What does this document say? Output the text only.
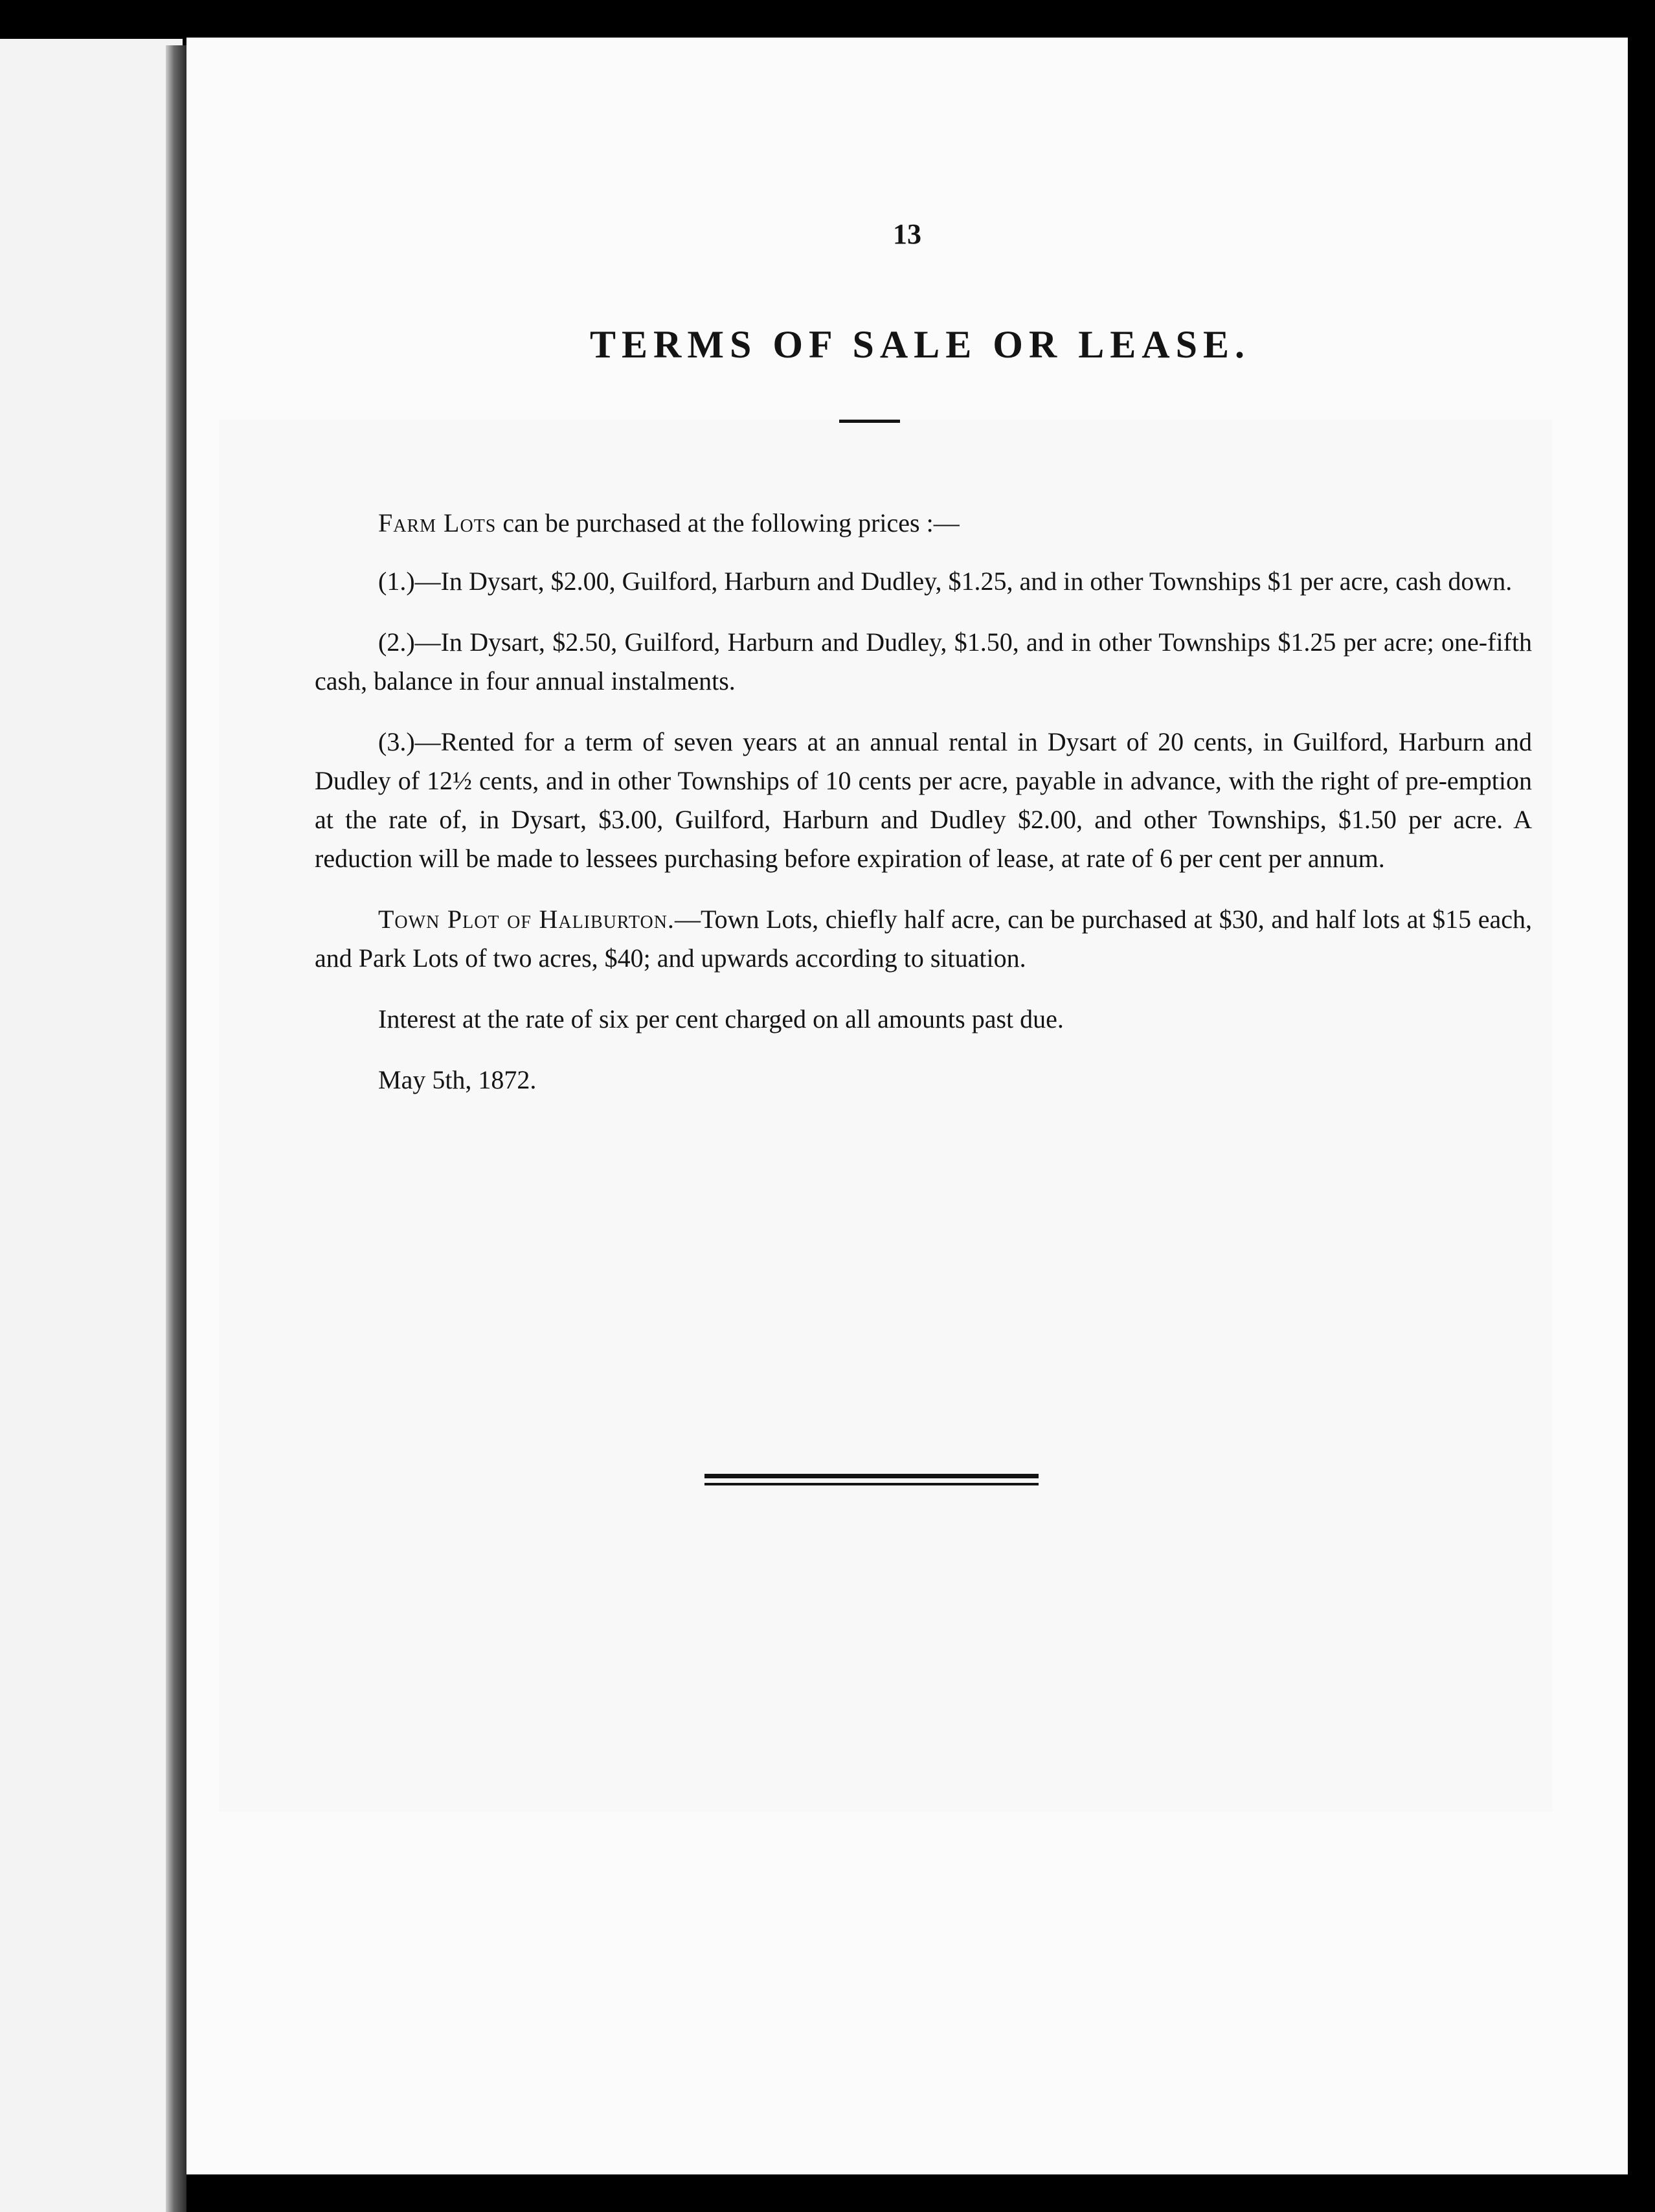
13
TERMS OF SALE OR LEASE.

Farm Lots can be purchased at the following prices :—

(1.)—In Dysart, $2.00, Guilford, Harburn and Dudley, $1.25, and in other Townships $1 per acre, cash down.

(2.)—In Dysart, $2.50, Guilford, Harburn and Dudley, $1.50, and in other Townships $1.25 per acre; one-fifth cash, balance in four annual instalments.

(3.)—Rented for a term of seven years at an annual rental in Dysart of 20 cents, in Guilford, Harburn and Dudley of 12½ cents, and in other Townships of 10 cents per acre, payable in advance, with the right of pre-emption at the rate of, in Dysart, $3.00, Guilford, Harburn and Dudley $2.00, and other Townships, $1.50 per acre. A reduction will be made to lessees purchasing before expiration of lease, at rate of 6 per cent per annum.

Town Plot of Haliburton.—Town Lots, chiefly half acre, can be purchased at $30, and half lots at $15 each, and Park Lots of two acres, $40; and upwards according to situation.

Interest at the rate of six per cent charged on all amounts past due.

May 5th, 1872.
